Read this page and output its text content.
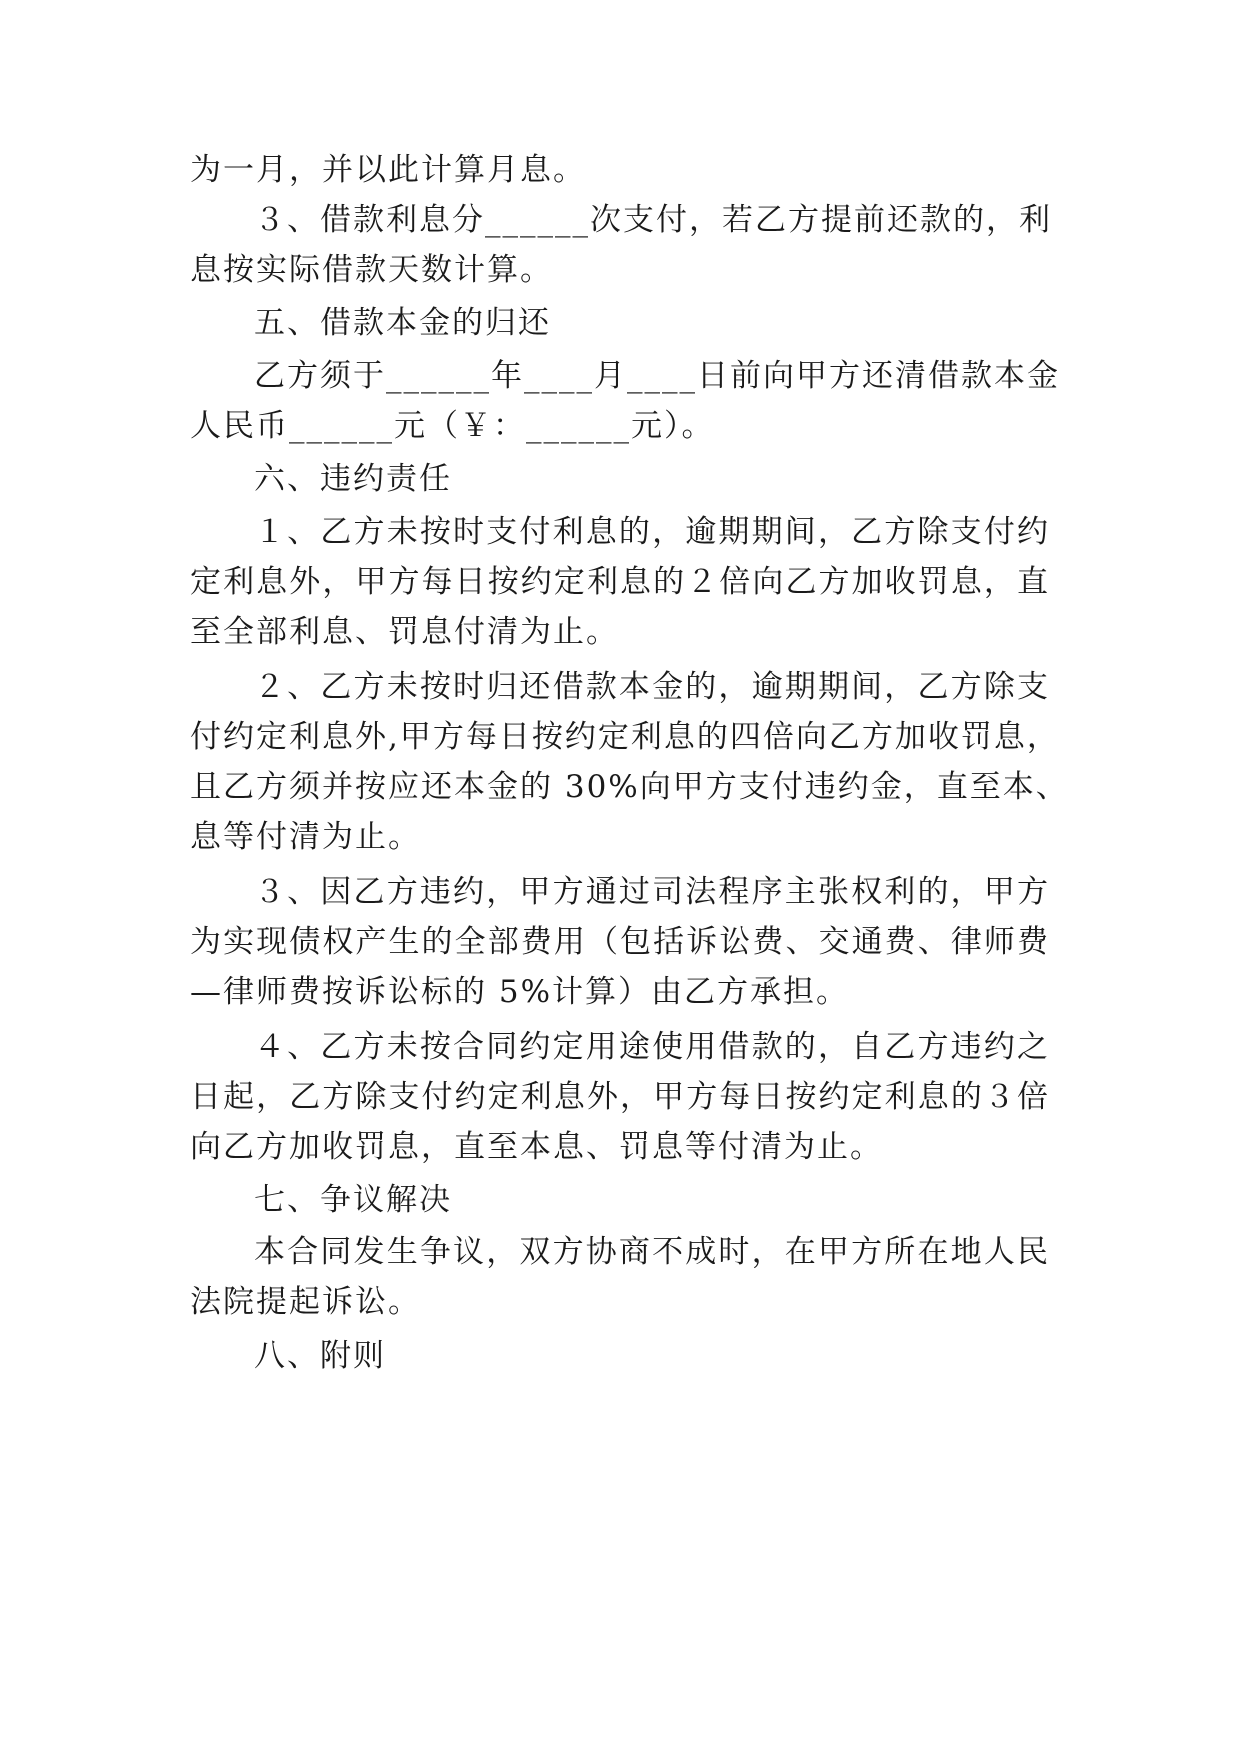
为一月，并以此计算月息。
３、借款利息分______次支付，若乙方提前还款的，利
息按实际借款天数计算。
五、借款本金的归还
乙方须于______年____月____日前向甲方还清借款本金
人民币______元（￥：______元）。
六、违约责任
１、乙方未按时支付利息的，逾期期间，乙方除支付约
定利息外，甲方每日按约定利息的２倍向乙方加收罚息，直
至全部利息、罚息付清为止。
２、乙方未按时归还借款本金的，逾期期间，乙方除支
付约定利息外,甲方每日按约定利息的四倍向乙方加收罚息，
且乙方须并按应还本金的 30%向甲方支付违约金，直至本、
息等付清为止。
３、因乙方违约，甲方通过司法程序主张权利的，甲方
为实现债权产生的全部费用（包括诉讼费、交通费、律师费
—律师费按诉讼标的 5%计算）由乙方承担。
４、乙方未按合同约定用途使用借款的，自乙方违约之
日起，乙方除支付约定利息外，甲方每日按约定利息的３倍
向乙方加收罚息，直至本息、罚息等付清为止。
七、争议解决
本合同发生争议，双方协商不成时，在甲方所在地人民
法院提起诉讼。
八、附则
